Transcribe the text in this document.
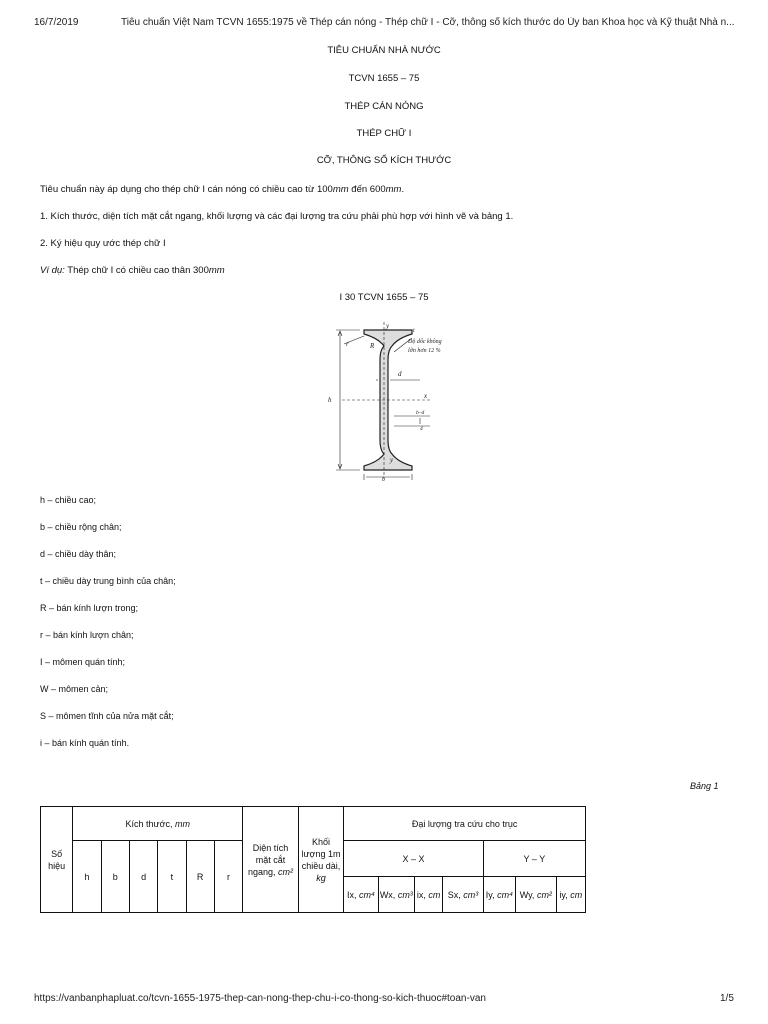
16/7/2019	Tiêu chuẩn Việt Nam TCVN 1655:1975 về Thép cán nóng - Thép chữ I - Cỡ, thông số kích thước do Ủy ban Khoa học và Kỹ thuật Nhà n...
TIÊU CHUẨN NHÀ NƯỚC
TCVN 1655 – 75
THÉP CÁN NÓNG
THÉP CHỮ I
CỠ, THÔNG SỐ KÍCH THƯỚC
Tiêu chuẩn này áp dụng cho thép chữ I cán nóng có chiều cao từ 100mm đến 600mm.
1. Kích thước, diện tích mặt cắt ngang, khối lượng và các đại lượng tra cứu phải phù hợp với hình vẽ và bảng 1.
2. Ký hiệu quy ước thép chữ I
Ví dụ: Thép chữ I có chiều cao thân 300mm
I 30 TCVN 1655 – 75
h
b
d
x
y
y
R
r
t
b–d
4
Độ dốc không
lớn hơn 12 %
h – chiều cao;
b – chiều rộng chân;
d – chiều dày thân;
t – chiều dày trung bình của chân;
R – bán kính lượn trong;
r – bán kính lượn chân;
I – mômen quán tính;
W – mômen cản;
S – mômen tĩnh của nửa mặt cắt;
i – bán kính quán tính.
Bảng 1
Số hiệu	Kích thước, mm						Diện tích mặt cắt ngang, cm²	Khối lượng 1m chiều dài, kg	Đại lượng tra cứu cho trục						
	h	b	d	t	R	r			X – X				Y – Y		
									Ix, cm⁴	Wx, cm³	ix, cm	Sx, cm³	Iy, cm⁴	Wy, cm²	iy, cm
https://vanbanphapluat.co/tcvn-1655-1975-thep-can-nong-thep-chu-i-co-thong-so-kich-thuoc#toan-van	1/5
